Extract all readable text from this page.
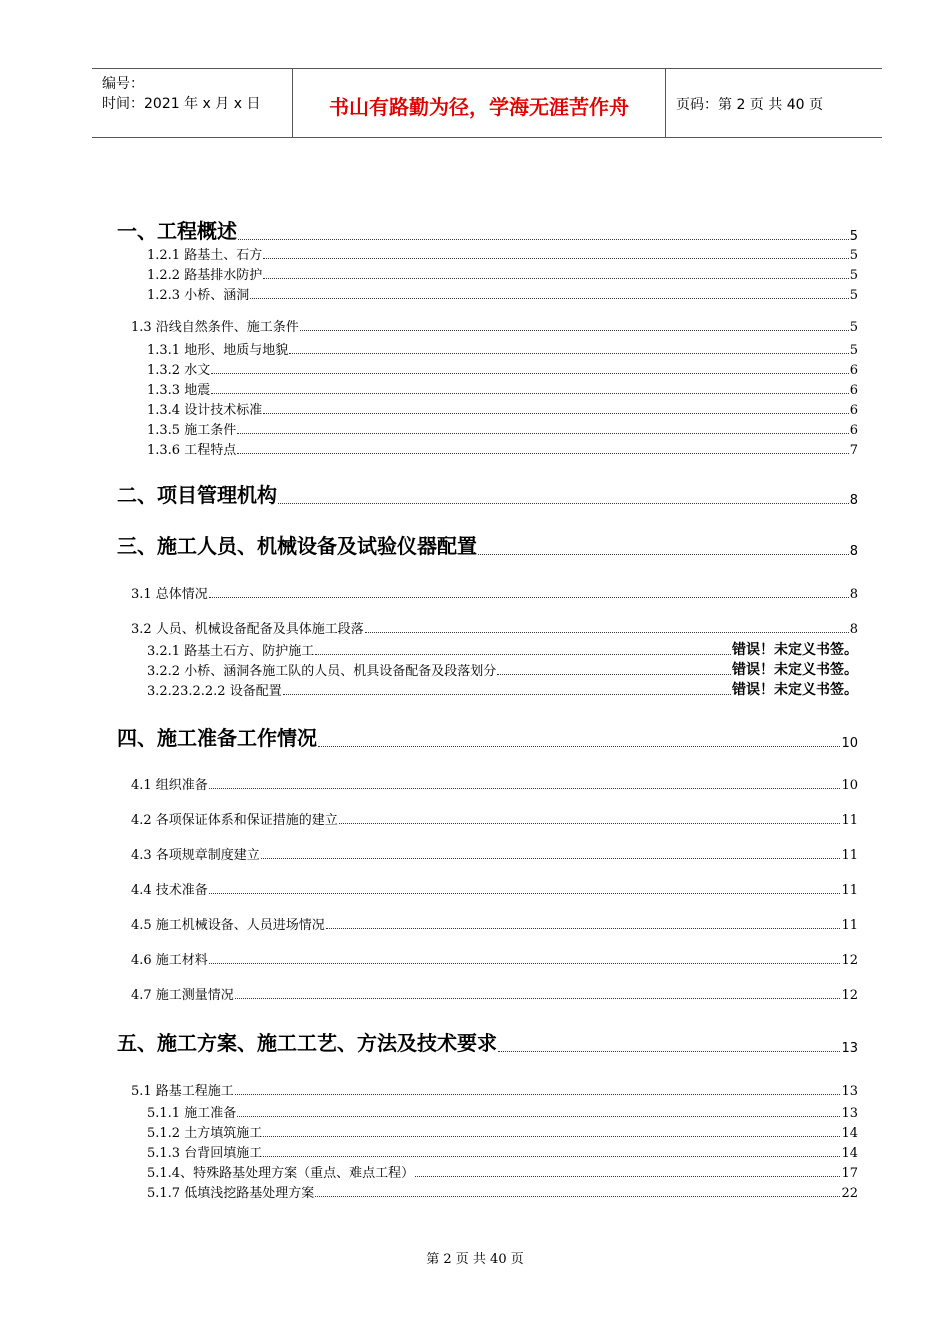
编号：
时间：2021 年 x 月 x 日	书山有路勤为径，学海无涯苦作舟	页码：第 2 页 共 40 页
一、工程概述	5
1.2.1 路基土、石方	5
1.2.2 路基排水防护	5
1.2.3 小桥、涵洞	5
1.3 沿线自然条件、施工条件	5
1.3.1 地形、地质与地貌	5
1.3.2 水文	6
1.3.3 地震	6
1.3.4 设计技术标准	6
1.3.5 施工条件	6
1.3.6 工程特点	7
二、项目管理机构	8
三、施工人员、机械设备及试验仪器配置	8
3.1 总体情况	8
3.2 人员、机械设备配备及具体施工段落	8
3.2.1 路基土石方、防护施工	错误！未定义书签。
3.2.2 小桥、涵洞各施工队的人员、机具设备配备及段落划分	错误！未定义书签。
3.2.23.2.2.2 设备配置	错误！未定义书签。
四、施工准备工作情况	10
4.1 组织准备	10
4.2 各项保证体系和保证措施的建立	11
4.3 各项规章制度建立	11
4.4 技术准备	11
4.5 施工机械设备、人员进场情况	11
4.6 施工材料	12
4.7 施工测量情况	12
五、施工方案、施工工艺、方法及技术要求	13
5.1 路基工程施工	13
5.1.1 施工准备	13
5.1.2 土方填筑施工	14
5.1.3 台背回填施工	14
5.1.4、特殊路基处理方案（重点、难点工程）	17
5.1.7 低填浅挖路基处理方案	22
第 2 页 共 40 页
